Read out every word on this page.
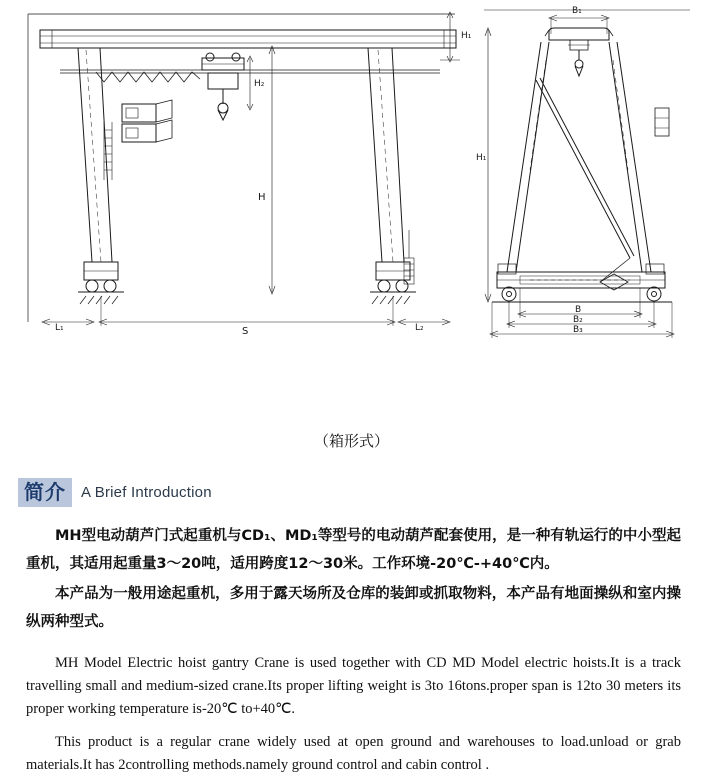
H₁
H₂
H
S
L₁	L₂
B₁
H₁
B
B₂
B₃
（箱形式）
简介	A Brief Introduction

MH型电动葫芦门式起重机与CD₁、MD₁等型号的电动葫芦配套使用，是一种有轨运行的中小型起重机，其适用起重量3～20吨，适用跨度12～30米。工作环境-20℃-+40℃内。

本产品为一般用途起重机，多用于露天场所及仓库的装卸或抓取物料，本产品有地面操纵和室内操纵两种型式。

MH Model Electric hoist gantry Crane is used together with CD MD Model electric hoists.It is a track travelling small and medium-sized crane.Its proper lifting weight is 3to 16tons.proper span is 12to 30 meters its proper working temperature is-20℃ to+40℃.

This product is a regular crane widely used at open ground and warehouses to load.unload or grab materials.It has 2controlling methods.namely ground control and cabin control .
